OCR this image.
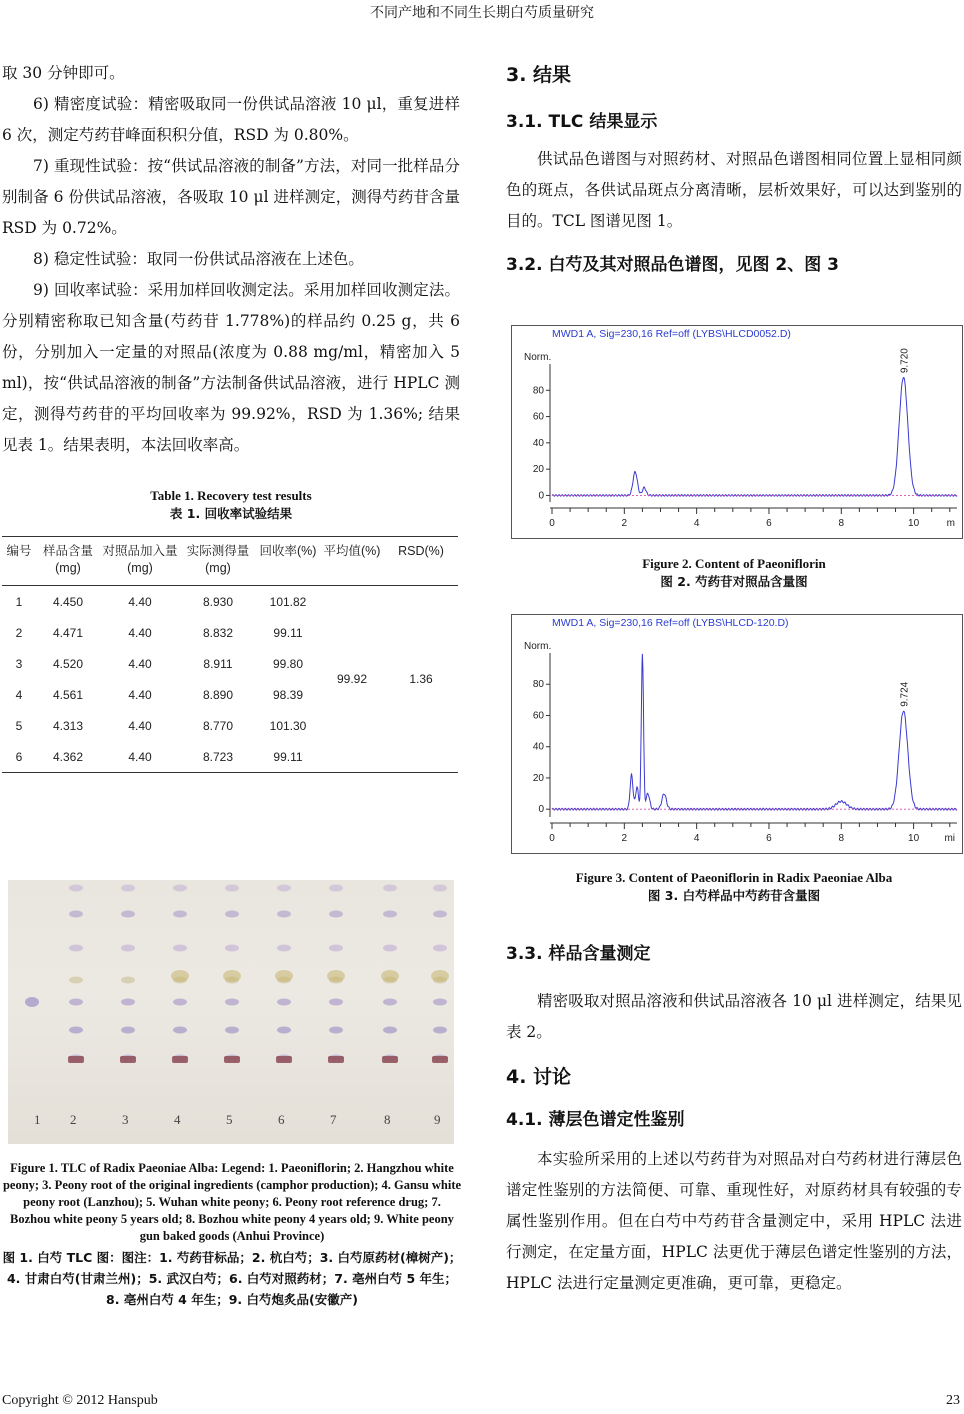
不同产地和不同生长期白芍质量研究

取 30 分钟即可。

6) 精密度试验：精密吸取同一份供试品溶液 10 μl，重复进样 6 次，测定芍药苷峰面积积分值，RSD 为 0.80%。

7) 重现性试验：按“供试品溶液的制备”方法，对同一批样品分别制备 6 份供试品溶液，各吸取 10 μl 进样测定，测得芍药苷含量 RSD 为 0.72%。

8) 稳定性试验：取同一份供试品溶液在上述色。

9) 回收率试验：采用加样回收测定法。采用加样回收测定法。分别精密称取已知含量(芍药苷 1.778%)的样品约 0.25 g，共 6 份，分别加入一定量的对照品(浓度为 0.88 mg/ml，精密加入 5 ml)，按“供试品溶液的制备”方法制备供试品溶液，进行 HPLC 测定，测得芍药苷的平均回收率为 99.92%，RSD 为 1.36%; 结果见表 1。结果表明，本法回收率高。

Table 1. Recovery test results
表 1. 回收率试验结果
编号	样品含量(mg)	对照品加入量(mg)	实际测得量(mg)	回收率(%)	平均值(%)	RSD(%)
1	4.450	4.40	8.930	101.82	99.92	1.36
2	4.471	4.40	8.832	99.11		
3	4.520	4.40	8.911	99.80		
4	4.561	4.40	8.890	98.39		
5	4.313	4.40	8.770	101.30		
6	4.362	4.40	8.723	99.11		
1 2	3	4	5	6	7	8	9
Figure 1. TLC of Radix Paeoniae Alba: Legend: 1. Paeoniflorin; 2. Hangzhou white peony; 3. Peony root of the original ingredients (camphor production); 4. Gansu white peony root (Lanzhou); 5. Wuhan white peony; 6. Peony root reference drug; 7. Bozhou white peony 5 years old; 8. Bozhou white peony 4 years old; 9. White peony gun baked goods (Anhui Province)
图 1. 白芍 TLC 图：图注：1. 芍药苷标品；2. 杭白芍；3. 白芍原药材(樟树产)；4. 甘肃白芍(甘肃兰州)；5. 武汉白芍；6. 白芍对照药材；7. 亳州白芍 5 年生；8. 亳州白芍 4 年生；9. 白芍炮炙品(安徽产)
3. 结果
3.1. TLC 结果显示

供试品色谱图与对照药材、对照品色谱图相同位置上显相同颜色的斑点，各供试品斑点分离清晰，层析效果好，可以达到鉴别的目的。TCL 图谱见图 1。

3.2. 白芍及其对照品色谱图，见图 2、图 3
MWD1 A, Sig=230,16 Ref=off (LYBS\HLCD0052.D)
Norm.
0
20
40
60
80
0	2	4	6	8	10	m
9.720
Figure 2. Content of Paeoniflorin
图 2. 芍药苷对照品含量图
MWD1 A, Sig=230,16 Ref=off (LYBS\HLCD-120.D)
Norm.
0
20
40
60
80
0	2	4	6	8	10	mi
9.724
Figure 3. Content of Paeoniflorin in Radix Paeoniae Alba
图 3. 白芍样品中芍药苷含量图
3.3. 样品含量测定

精密吸取对照品溶液和供试品溶液各 10 μl 进样测定，结果见表 2。

4. 讨论
4.1. 薄层色谱定性鉴别

本实验所采用的上述以芍药苷为对照品对白芍药材进行薄层色谱定性鉴别的方法简便、可靠、重现性好，对原药材具有较强的专属性鉴别作用。但在白芍中芍药苷含量测定中，采用 HPLC 法进行测定，在定量方面，HPLC 法更优于薄层色谱定性鉴别的方法，HPLC 法进行定量测定更准确，更可靠，更稳定。

Copyright © 2012 Hanspub	23
